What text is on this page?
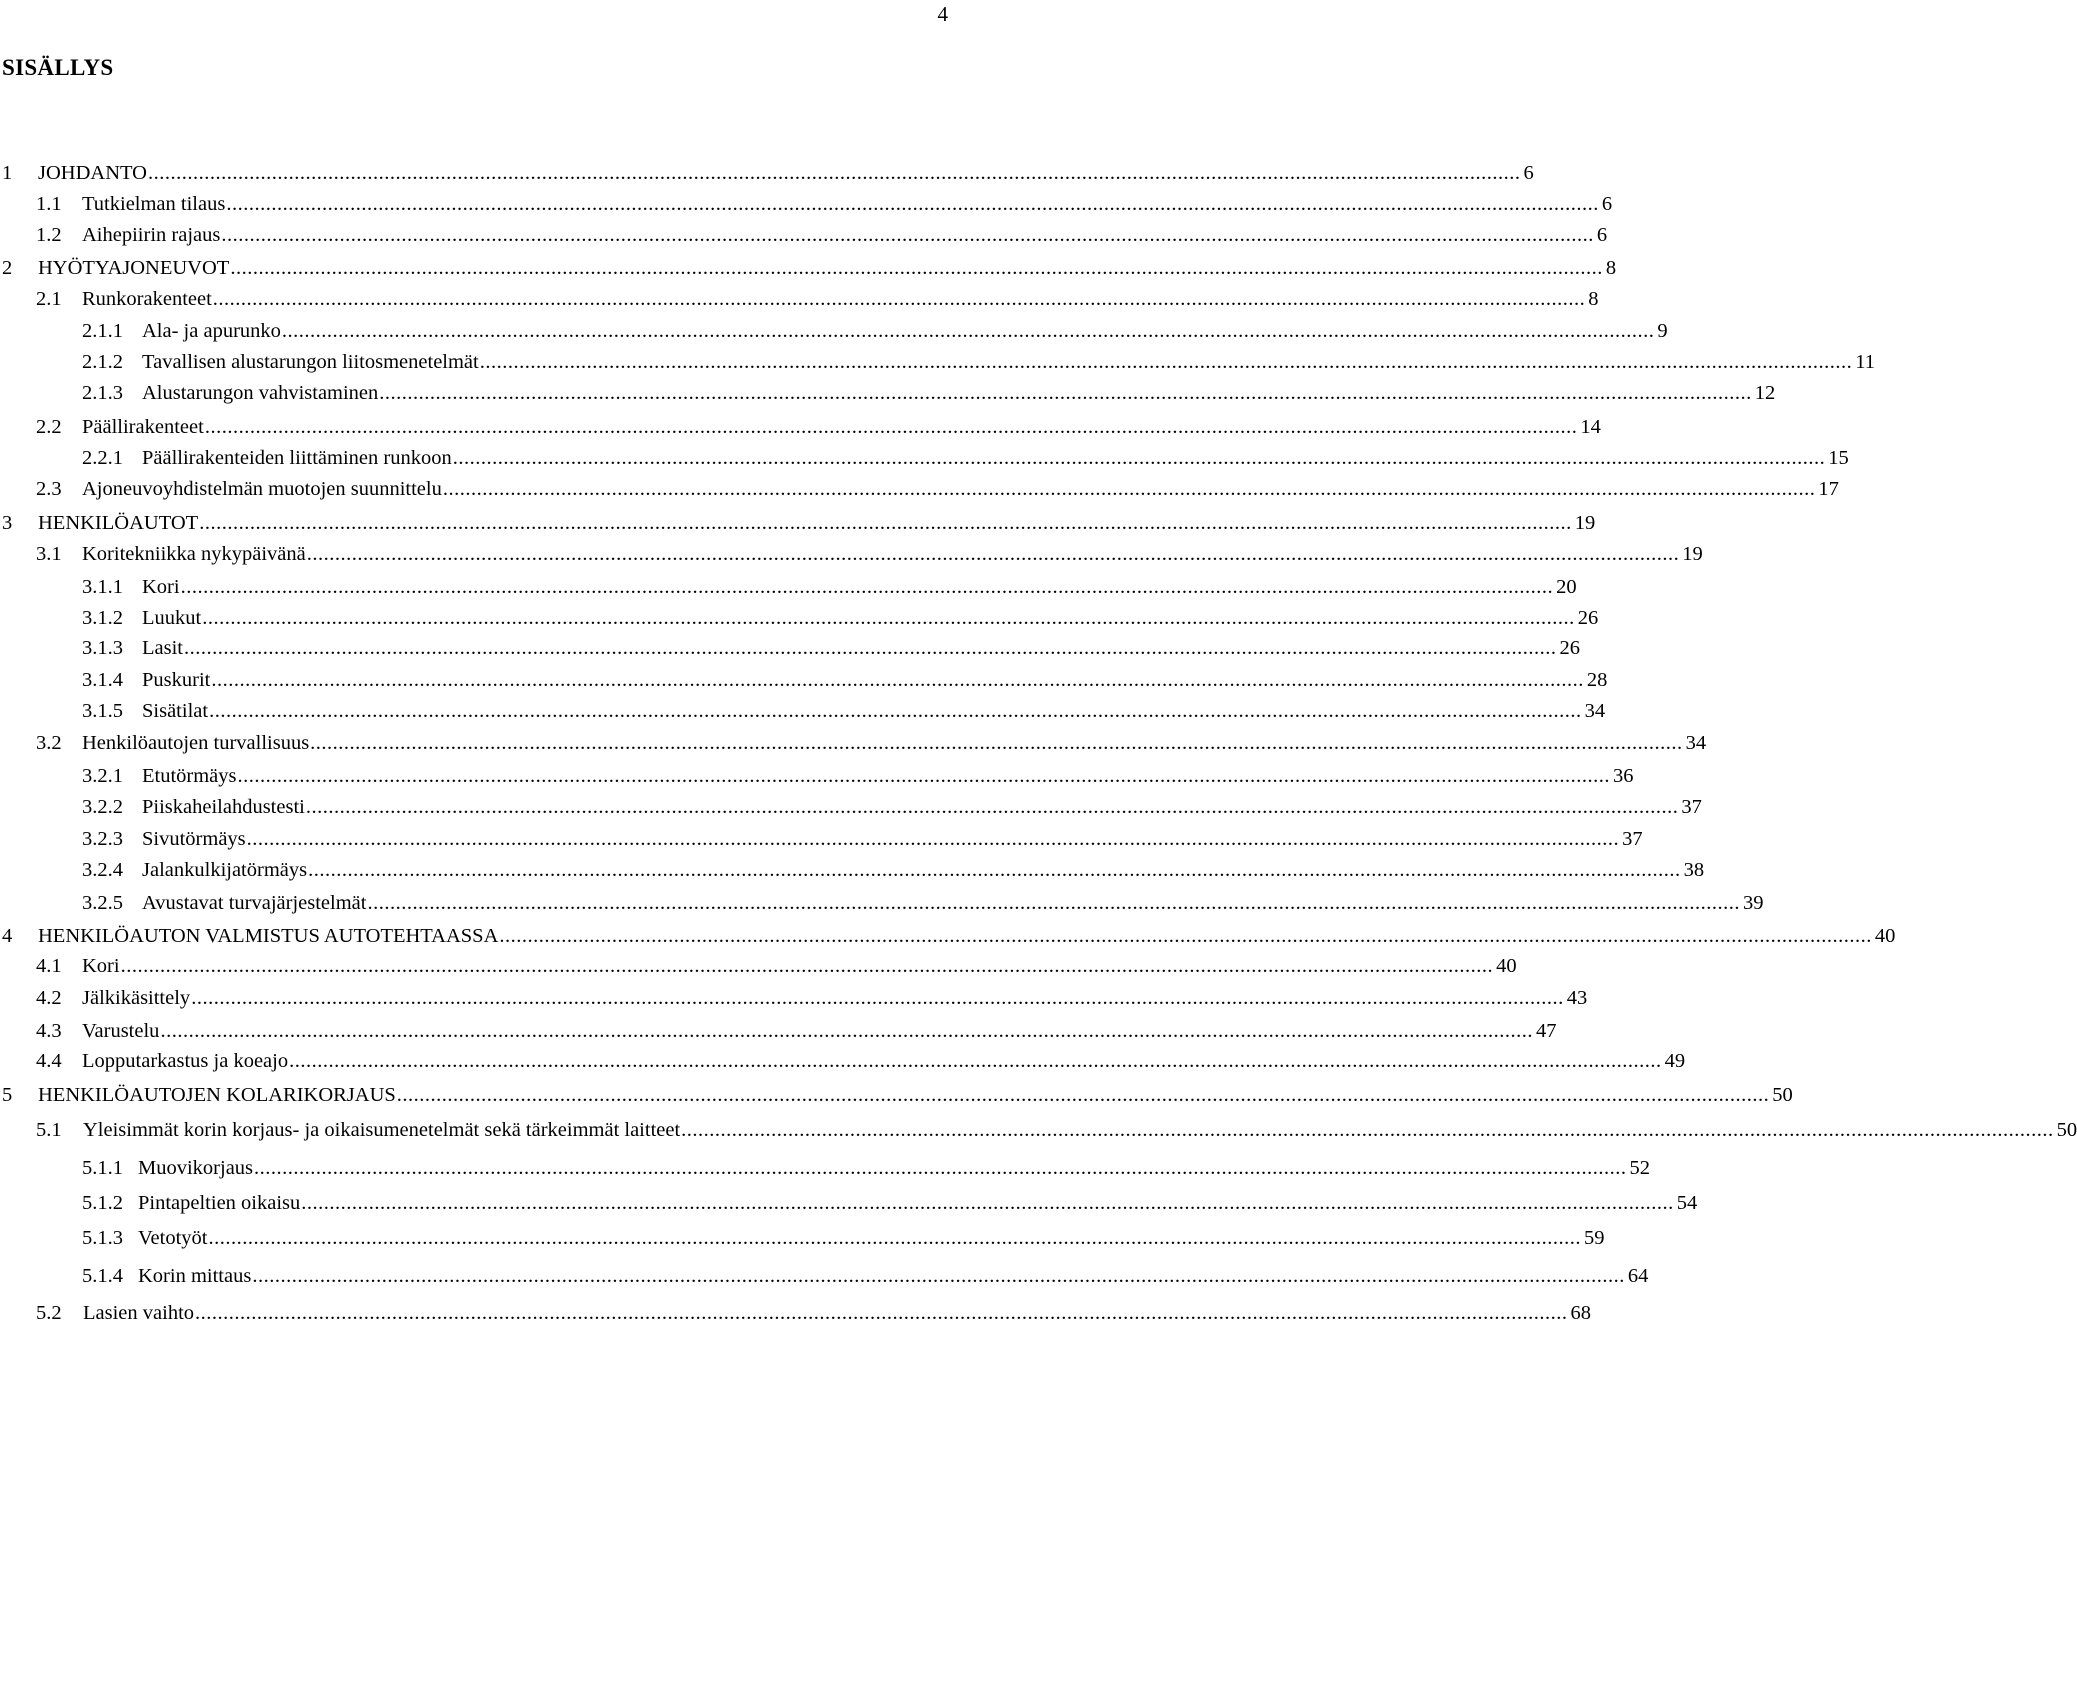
4
SISÄLLYS
1	JOHDANTO .................................................................................................................................................................................................................................................... 6
1.1 Tutkielman tilaus .................................................................................................................................................................................................................................................... 6
1.2 Aihepiirin rajaus .................................................................................................................................................................................................................................................... 6
2	HYÖTYAJONEUVOT .................................................................................................................................................................................................................................................... 8
2.1 Runkorakenteet .................................................................................................................................................................................................................................................... 8
2.1.1 Ala- ja apurunko .................................................................................................................................................................................................................................................... 9
2.1.2 Tavallisen alustarungon liitosmenetelmät .................................................................................................................................................................................................................................................... 11
2.1.3 Alustarungon vahvistaminen .................................................................................................................................................................................................................................................... 12
2.2 Päällirakenteet .................................................................................................................................................................................................................................................... 14
2.2.1 Päällirakenteiden liittäminen runkoon .................................................................................................................................................................................................................................................... 15
2.3 Ajoneuvoyhdistelmän muotojen suunnittelu .................................................................................................................................................................................................................................................... 17
3	HENKILÖAUTOT .................................................................................................................................................................................................................................................... 19
3.1 Koritekniikka nykypäivänä .................................................................................................................................................................................................................................................... 19
3.1.1 Kori .................................................................................................................................................................................................................................................... 20
3.1.2 Luukut .................................................................................................................................................................................................................................................... 26
3.1.3 Lasit .................................................................................................................................................................................................................................................... 26
3.1.4 Puskurit .................................................................................................................................................................................................................................................... 28
3.1.5 Sisätilat .................................................................................................................................................................................................................................................... 34
3.2 Henkilöautojen turvallisuus .................................................................................................................................................................................................................................................... 34
3.2.1 Etutörmäys .................................................................................................................................................................................................................................................... 36
3.2.2 Piiskaheilahdustesti .................................................................................................................................................................................................................................................... 37
3.2.3 Sivutörmäys .................................................................................................................................................................................................................................................... 37
3.2.4 Jalankulkijatörmäys .................................................................................................................................................................................................................................................... 38
3.2.5 Avustavat turvajärjestelmät .................................................................................................................................................................................................................................................... 39
4	HENKILÖAUTON VALMISTUS AUTOTEHTAASSA .................................................................................................................................................................................................................................................... 40
4.1 Kori .................................................................................................................................................................................................................................................... 40
4.2 Jälkikäsittely .................................................................................................................................................................................................................................................... 43
4.3 Varustelu .................................................................................................................................................................................................................................................... 47
4.4 Lopputarkastus ja koeajo .................................................................................................................................................................................................................................................... 49
5	HENKILÖAUTOJEN KOLARIKORJAUS .................................................................................................................................................................................................................................................... 50
5.1	Yleisimmät korin korjaus- ja oikaisumenetelmät sekä tärkeimmät laitteet .................................................................................................................................................................................................................................................... 50
5.1.1 Muovikorjaus .................................................................................................................................................................................................................................................... 52
5.1.2 Pintapeltien oikaisu .................................................................................................................................................................................................................................................... 54
5.1.3 Vetotyöt .................................................................................................................................................................................................................................................... 59
5.1.4 Korin mittaus .................................................................................................................................................................................................................................................... 64
5.2	Lasien vaihto .................................................................................................................................................................................................................................................... 68
